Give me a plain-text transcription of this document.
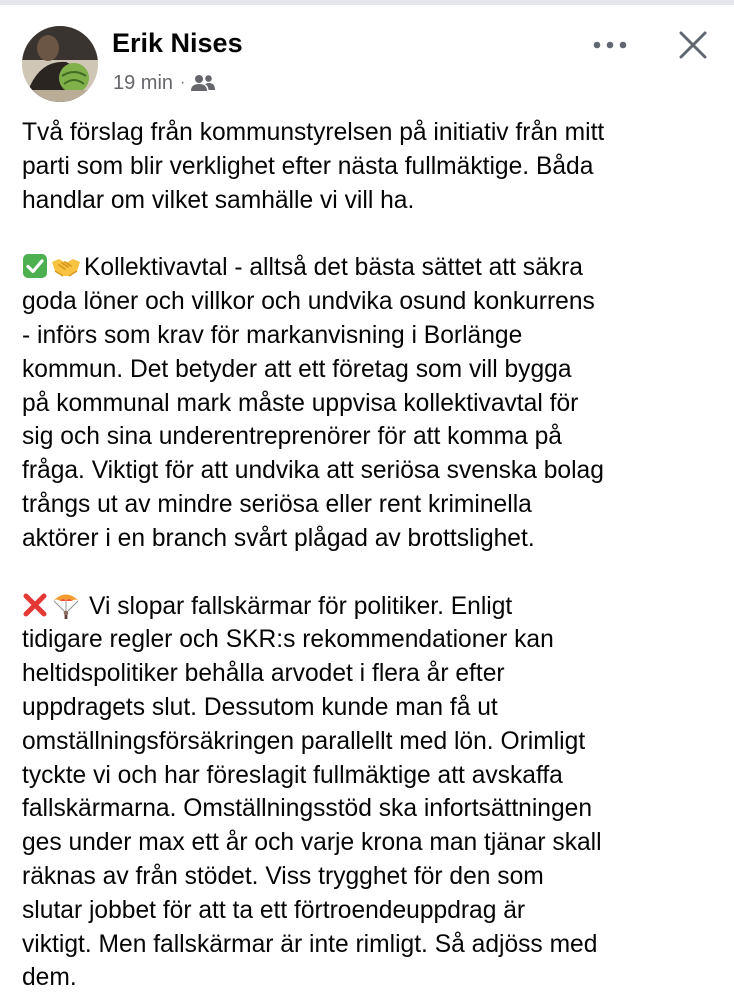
Erik Nises
19 min ·
Två förslag från kommunstyrelsen på initiativ från mitt
parti som blir verklighet efter nästa fullmäktige. Båda
handlar om vilket samhälle vi vill ha.
Kollektivavtal - alltså det bästa sättet att säkra
goda löner och villkor och undvika osund konkurrens
- införs som krav för markanvisning i Borlänge
kommun. Det betyder att ett företag som vill bygga
på kommunal mark måste uppvisa kollektivavtal för
sig och sina underentreprenörer för att komma på
fråga. Viktigt för att undvika att seriösa svenska bolag
trångs ut av mindre seriösa eller rent kriminella
aktörer i en branch svårt plågad av brottslighet.
Vi slopar fallskärmar för politiker. Enligt
tidigare regler och SKR:s rekommendationer kan
heltidspolitiker behålla arvodet i flera år efter
uppdragets slut. Dessutom kunde man få ut
omställningsförsäkringen parallellt med lön. Orimligt
tyckte vi och har föreslagit fullmäktige att avskaffa
fallskärmarna. Omställningsstöd ska infortsättningen
ges under max ett år och varje krona man tjänar skall
räknas av från stödet. Viss trygghet för den som
slutar jobbet för att ta ett förtroendeuppdrag är
viktigt. Men fallskärmar är inte rimligt. Så adjöss med
dem.
